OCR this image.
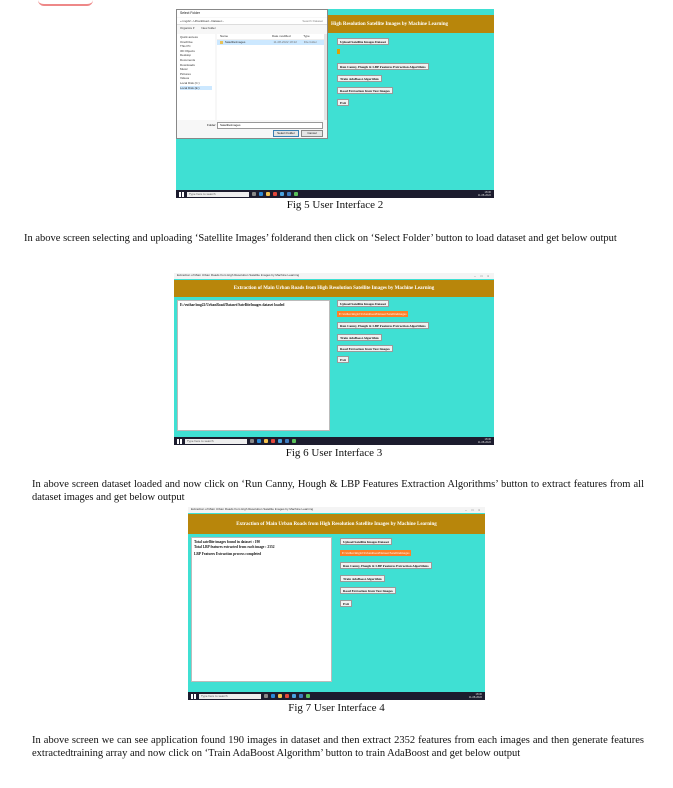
High Resolution Satellite Images by Machine Learning
Upload Satellite Images Dataset
Run Canny, Hough & LBP Features Extraction Algorithms
Train AdaBoost Algorithm
Road Extraction from Test Images
Exit
Select Folder
« img22 › UrbanRoad › Dataset ›	Search Dataset
Organize ▾ New folder
Quick access
OneDrive
This PC
3D Objects
Desktop
Documents
Downloads
Music
Pictures
Videos
Local Disk (C:)
Local Disk (E:)
Name	Date modified	Type
SatelliteImages	11-08-2022 18:22	File folder
Folder:	SatelliteImages
Select Folder	Cancel
Type here to search	18:30
11-08-2022
Fig 5 User Interface 2
In above screen selecting and uploading ‘Satellite Images’ folderand then click on ‘Select Folder’ button to load dataset and get below output
Extraction of Main Urban Roads from High Resolution Satellite Images by Machine Learning	– □ ×
Extraction of Main Urban Roads from High Resolution Satellite Images by Machine Learning
E:/vuthar/img22/UrbanRoad/Dataset/SatelliteImages dataset loaded	Upload Satellite Images Dataset
E:/vuthar/img22/UrbanRoad/Dataset/SatelliteImages
Run Canny, Hough & LBP Features Extraction Algorithms
Train AdaBoost Algorithm
Road Extraction from Test Images
Exit
Type here to search	18:30
11-08-2022
Fig 6 User Interface 3
In above screen dataset loaded and now click on ‘Run Canny, Hough & LBP Features Extraction Algorithms’ button to extract features from all dataset images and get below output
Extraction of Main Urban Roads from High Resolution Satellite Images by Machine Learning	– □ ×
Extraction of Main Urban Roads from High Resolution Satellite Images by Machine Learning
Total satellite images found in dataset : 190
Total LBP features extracted from each image : 2352
LBP Features Extraction process completed
Upload Satellite Images Dataset
E:/vuthar/img22/UrbanRoad/Dataset/SatelliteImages
Run Canny, Hough & LBP Features Extraction Algorithms
Train AdaBoost Algorithm
Road Extraction from Test Images
Exit
Type here to search	18:30
11-08-2022
Fig 7 User Interface 4
In above screen we can see application found 190 images in dataset and then extract 2352 features from each images and then generate features extractedtraining array and now click on ‘Train AdaBoost Algorithm’ button to train AdaBoost and get below output
